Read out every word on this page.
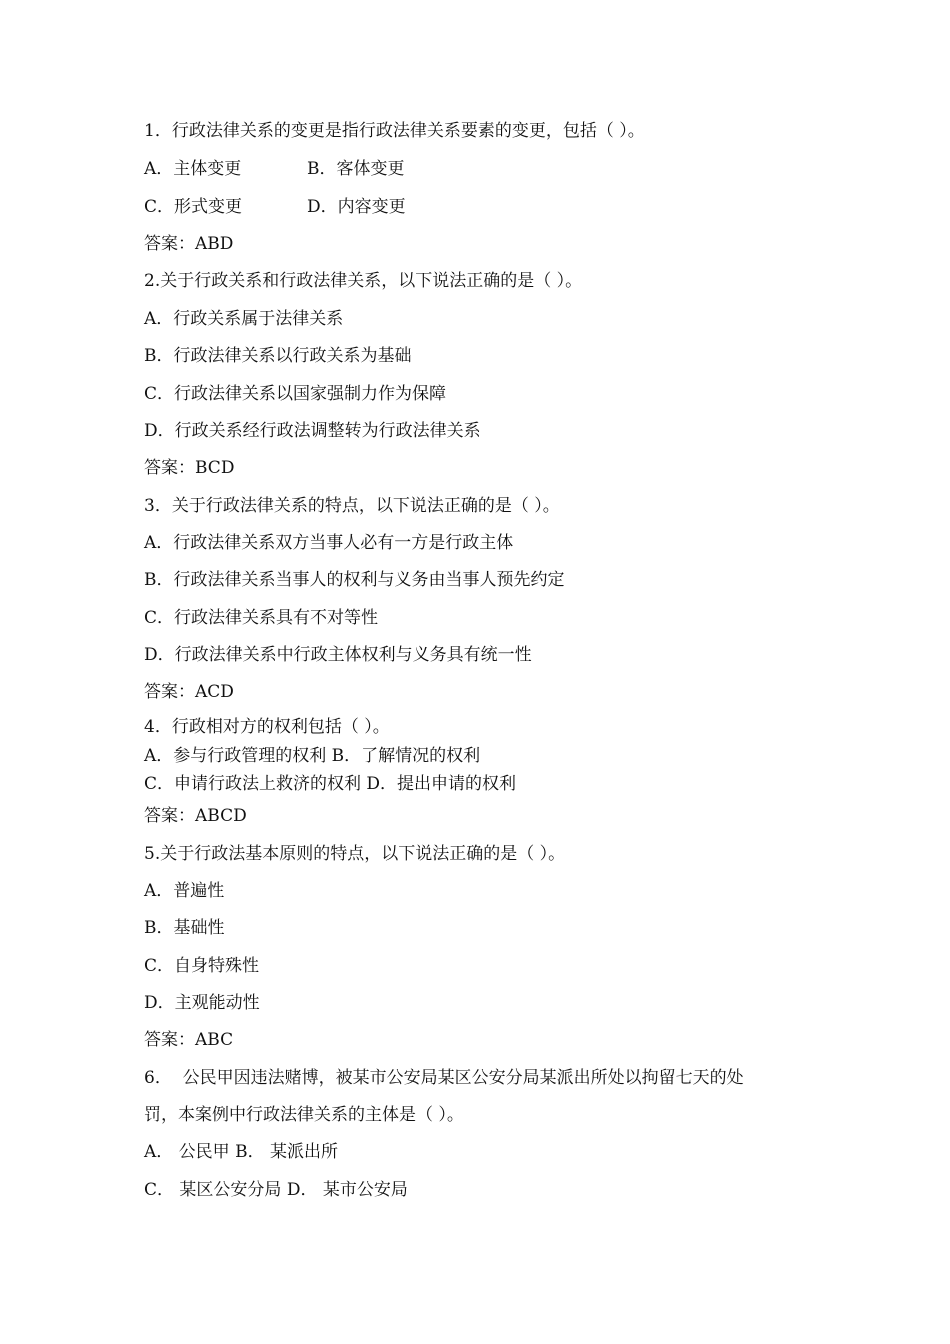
1．行政法律关系的变更是指行政法律关系要素的变更，包括（ ）。
A．主体变更	B．客体变更
C．形式变更	D．内容变更
答案：ABD
2.关于行政关系和行政法律关系，以下说法正确的是（ ）。
A．行政关系属于法律关系
B．行政法律关系以行政关系为基础
C．行政法律关系以国家强制力作为保障
D．行政关系经行政法调整转为行政法律关系
答案：BCD
3．关于行政法律关系的特点，以下说法正确的是（ ）。
A．行政法律关系双方当事人必有一方是行政主体
B．行政法律关系当事人的权利与义务由当事人预先约定
C．行政法律关系具有不对等性
D．行政法律关系中行政主体权利与义务具有统一性
答案：ACD
4．行政相对方的权利包括（ ）。
A．参与行政管理的权利 B．了解情况的权利
C．申请行政法上救济的权利 D．提出申请的权利
答案：ABCD
5.关于行政法基本原则的特点，以下说法正确的是（ ）。
A．普遍性
B．基础性
C．自身特殊性
D．主观能动性
答案：ABC
6．  公民甲因违法赌博，被某市公安局某区公安分局某派出所处以拘留七天的处
罚，本案例中行政法律关系的主体是（ ）。
A． 公民甲 B． 某派出所
C． 某区公安分局 D． 某市公安局
